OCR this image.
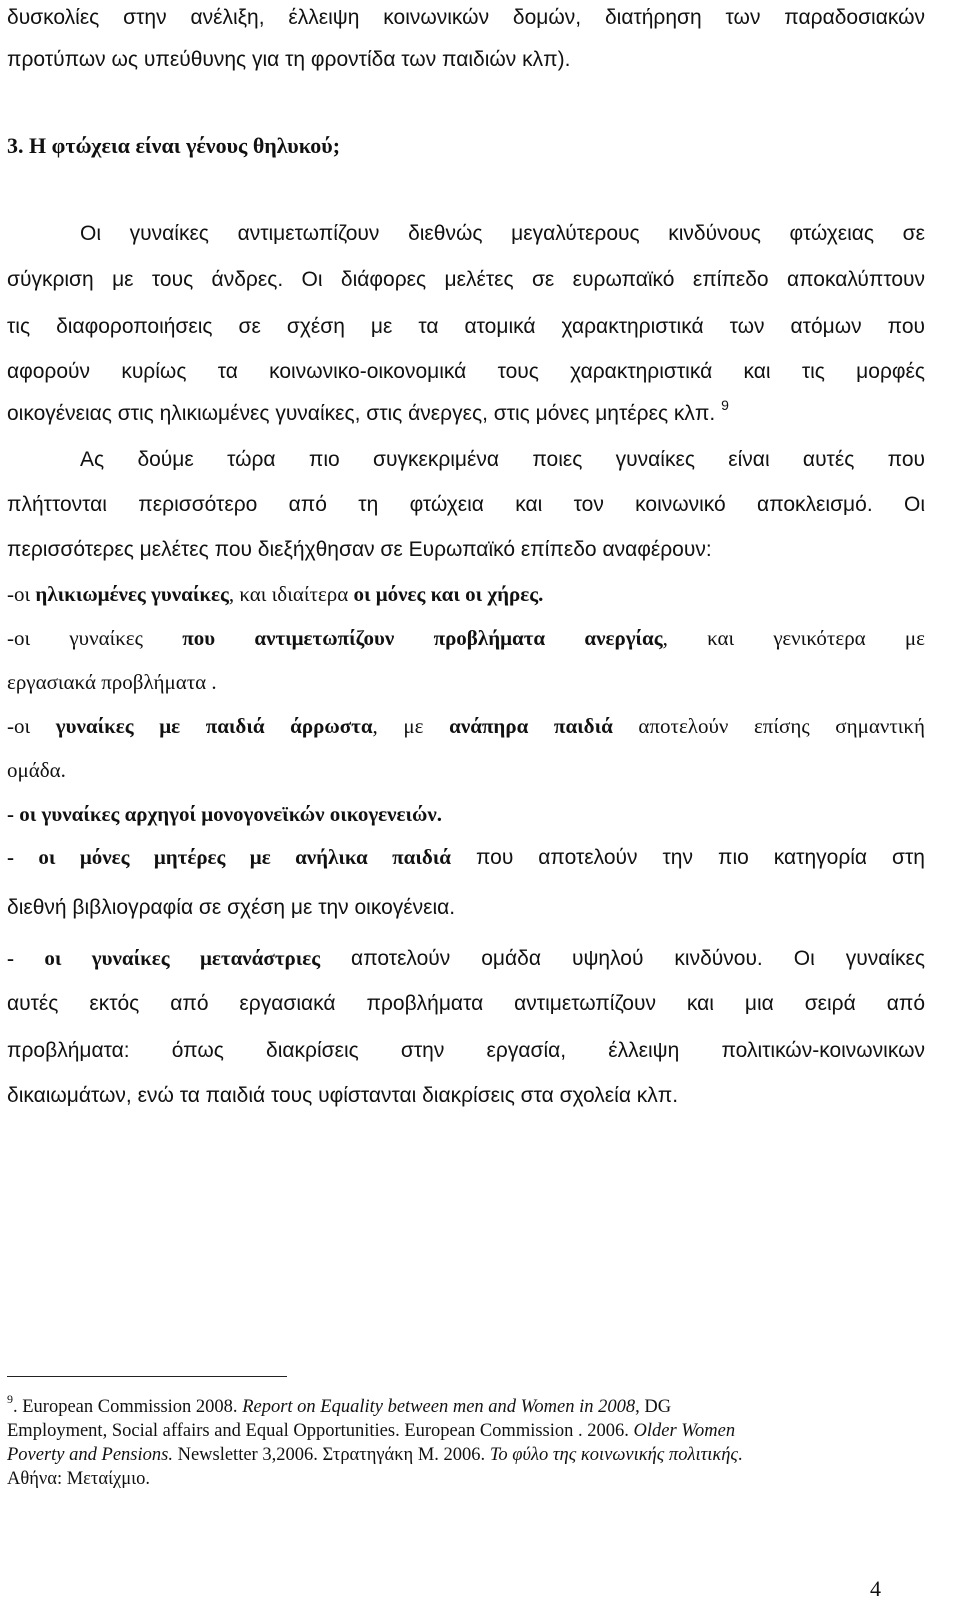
δυσκολίες στην ανέλιξη, έλλειψη κοινωνικών δομών, διατήρηση των παραδοσιακών
προτύπων ως υπεύθυνης για τη φροντίδα των παιδιών κλπ).
3. Η φτώχεια είναι γένους θηλυκού;
Οι γυναίκες αντιμετωπίζουν διεθνώς μεγαλύτερους κινδύνους φτώχειας σε
σύγκριση με τους άνδρες. Οι διάφορες μελέτες σε ευρωπαϊκό επίπεδο αποκαλύπτουν
τις διαφοροποιήσεις σε σχέση με τα ατομικά χαρακτηριστικά των ατόμων που
αφορούν κυρίως τα κοινωνικο-οικονομικά τους χαρακτηριστικά και τις μορφές
οικογένειας στις ηλικιωμένες γυναίκες, στις άνεργες, στις μόνες μητέρες κλπ. $^9$
Ας δούμε τώρα πιο συγκεκριμένα ποιες γυναίκες είναι αυτές που
πλήττονται περισσότερο από τη φτώχεια και τον κοινωνικό αποκλεισμό. Οι
περισσότερες μελέτες που διεξήχθησαν σε Ευρωπαϊκό επίπεδο αναφέρουν:
-οι ηλικιωμένες γυναίκες, και ιδιαίτερα οι μόνες και οι χήρες.
-οι γυναίκες που αντιμετωπίζουν προβλήματα ανεργίας, και γενικότερα με
εργασιακά προβλήματα .
-οι γυναίκες με παιδιά άρρωστα, με ανάπηρα παιδιά αποτελούν επίσης σημαντική
ομάδα.
- οι γυναίκες αρχηγοί μονογονεϊκών οικογενειών.
- οι μόνες μητέρες με ανήλικα παιδιά που αποτελούν την πιο κατηγορία στη
διεθνή βιβλιογραφία σε σχέση με την οικογένεια.
- οι γυναίκες μετανάστριες αποτελούν ομάδα υψηλού κινδύνου. Οι γυναίκες
αυτές εκτός από εργασιακά προβλήματα αντιμετωπίζουν και μια σειρά από
προβλήματα: όπως διακρίσεις στην εργασία, έλλειψη πολιτικών-κοινωνικων
δικαιωμάτων, ενώ τα παιδιά τους υφίστανται διακρίσεις στα σχολεία κλπ.
$^9$. European Commission 2008. Report on Equality between men and Women in 2008, DG
Employment, Social affairs and Equal Opportunities. European Commission . 2006. Older Women
Poverty and Pensions. Newsletter 3,2006. Στρατηγάκη Μ. 2006. Το φύλο της κοινωνικής πολιτικής.
Αθήνα: Μεταίχμιο.
4
